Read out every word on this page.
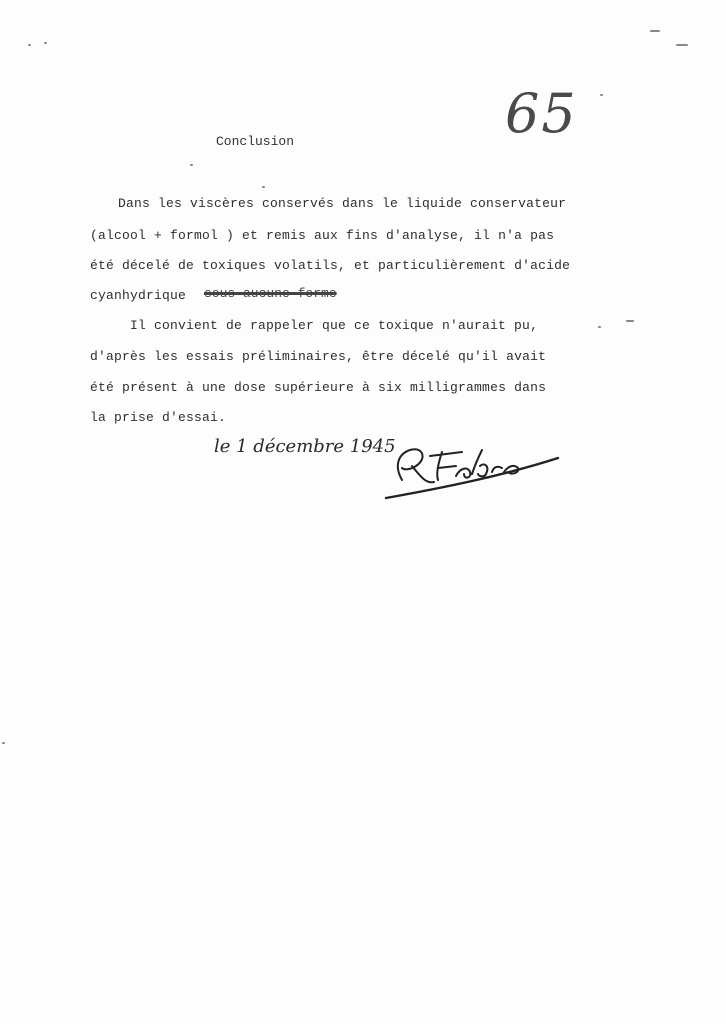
65
Conclusion
Dans les viscères conservés dans le liquide conservateur
(alcool + formol ) et remis aux fins d'analyse, il n'a pas
été décelé de toxiques volatils, et particulièrement d'acide
cyanhydrique sous aucune forme
Il convient de rappeler que ce toxique n'aurait pu,
d'après les essais préliminaires, être décelé qu'il avait
été présent à une dose supérieure à six milligrammes dans
la prise d'essai.
le 1 décembre 1945
